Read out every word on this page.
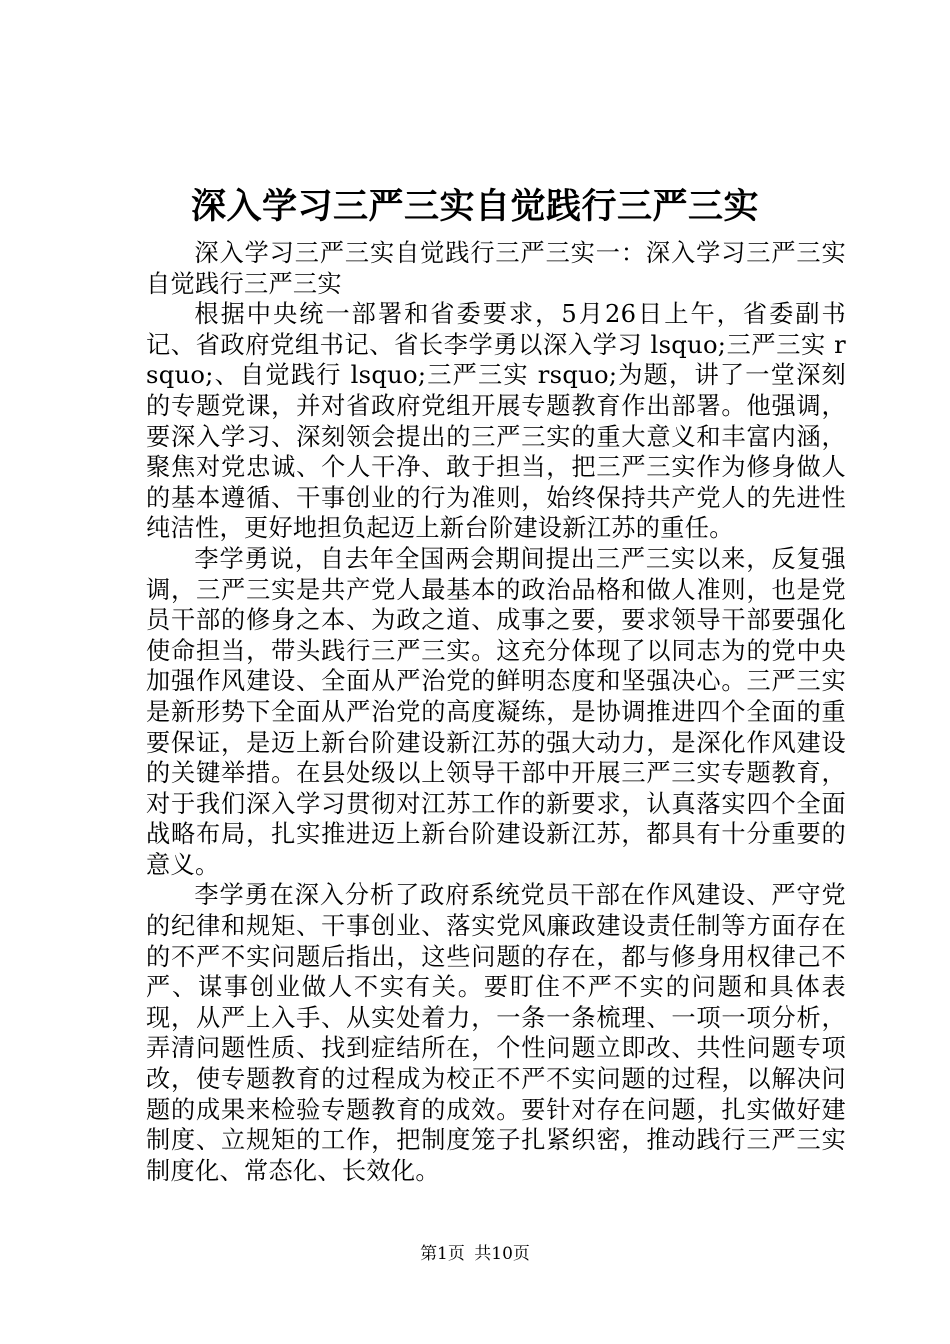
深入学习三严三实自觉践行三严三实

深入学习三严三实自觉践行三严三实一：深入学习三严三实自觉践行三严三实

根据中央统一部署和省委要求，5月26日上午，省委副书记、省政府党组书记、省长李学勇以深入学习 lsquo;三严三实 rsquo;、自觉践行 lsquo;三严三实 rsquo;为题，讲了一堂深刻的专题党课，并对省政府党组开展专题教育作出部署。他强调，要深入学习、深刻领会提出的三严三实的重大意义和丰富内涵，聚焦对党忠诚、个人干净、敢于担当，把三严三实作为修身做人的基本遵循、干事创业的行为准则，始终保持共产党人的先进性纯洁性，更好地担负起迈上新台阶建设新江苏的重任。

李学勇说，自去年全国两会期间提出三严三实以来，反复强调，三严三实是共产党人最基本的政治品格和做人准则，也是党员干部的修身之本、为政之道、成事之要，要求领导干部要强化使命担当，带头践行三严三实。这充分体现了以同志为的党中央加强作风建设、全面从严治党的鲜明态度和坚强决心。三严三实是新形势下全面从严治党的高度凝练，是协调推进四个全面的重要保证，是迈上新台阶建设新江苏的强大动力，是深化作风建设的关键举措。在县处级以上领导干部中开展三严三实专题教育，对于我们深入学习贯彻对江苏工作的新要求，认真落实四个全面战略布局，扎实推进迈上新台阶建设新江苏，都具有十分重要的意义。

李学勇在深入分析了政府系统党员干部在作风建设、严守党的纪律和规矩、干事创业、落实党风廉政建设责任制等方面存在的不严不实问题后指出，这些问题的存在，都与修身用权律己不严、谋事创业做人不实有关。要盯住不严不实的问题和具体表现，从严上入手、从实处着力，一条一条梳理、一项一项分析，弄清问题性质、找到症结所在，个性问题立即改、共性问题专项改，使专题教育的过程成为校正不严不实问题的过程，以解决问题的成果来检验专题教育的成效。要针对存在问题，扎实做好建制度、立规矩的工作，把制度笼子扎紧织密，推动践行三严三实制度化、常态化、长效化。

第1页 共10页
